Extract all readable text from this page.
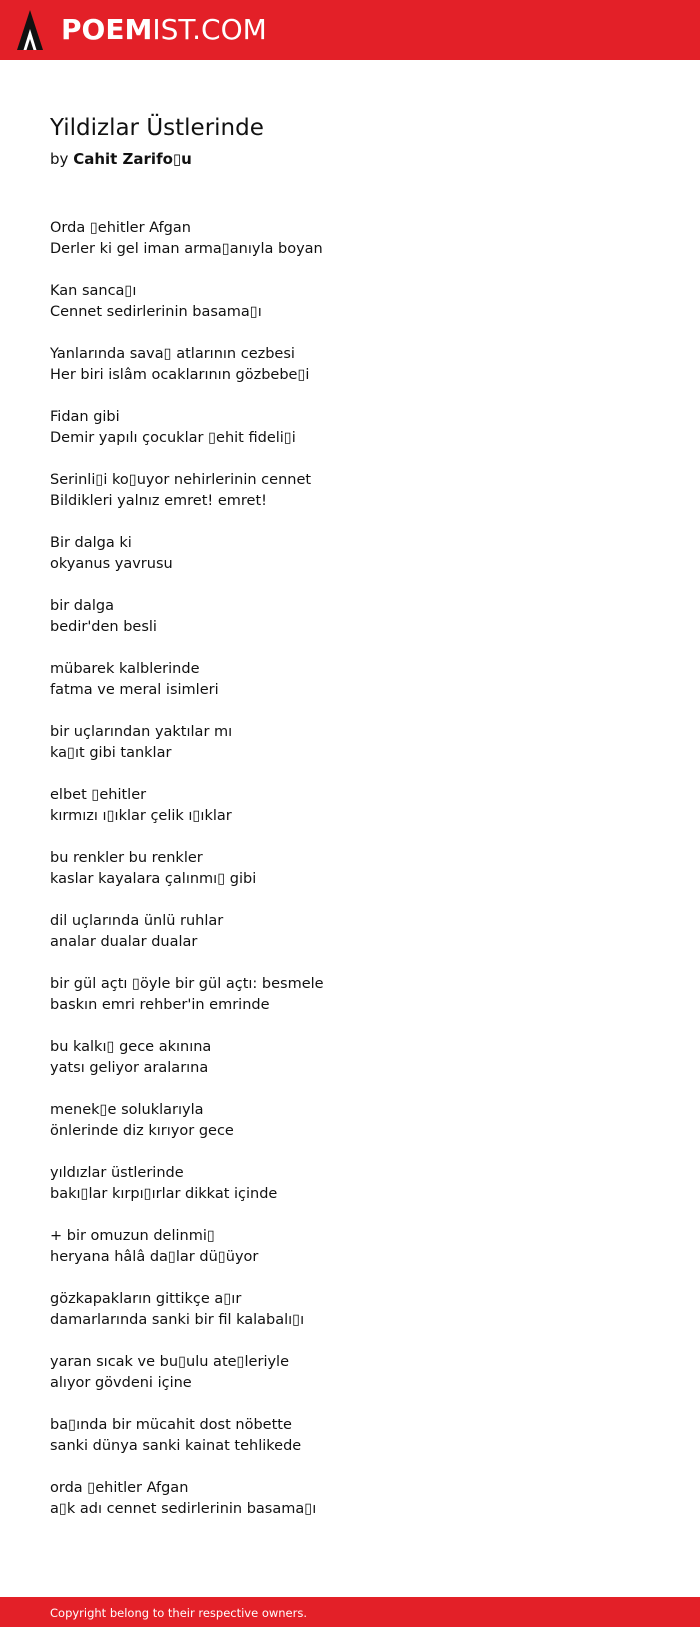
POEMIST.COM
Yildizlar Üstlerinde
by Cahit Zarifo▯u
Orda ▯ehitler Afgan
Derler ki gel iman arma▯anıyla boyan
Kan sanca▯ı
Cennet sedirlerinin basama▯ı
Yanlarında sava▯ atlarının cezbesi
Her biri islâm ocaklarının gözbebe▯i
Fidan gibi
Demir yapılı çocuklar ▯ehit fideli▯i
Serinli▯i ko▯uyor nehirlerinin cennet
Bildikleri yalnız emret! emret!
Bir dalga ki
okyanus yavrusu
bir dalga
bedir'den besli
mübarek kalblerinde
fatma ve meral isimleri
bir uçlarından yaktılar mı
ka▯ıt gibi tanklar
elbet ▯ehitler
kırmızı ı▯ıklar çelik ı▯ıklar
bu renkler bu renkler
kaslar kayalara çalınmı▯ gibi
dil uçlarında ünlü ruhlar
analar dualar dualar
bir gül açtı ▯öyle bir gül açtı: besmele
baskın emri rehber'in emrinde
bu kalkı▯ gece akınına
yatsı geliyor aralarına
menek▯e soluklarıyla
önlerinde diz kırıyor gece
yıldızlar üstlerinde
bakı▯lar kırpı▯ırlar dikkat içinde
+ bir omuzun delinmi▯
heryana hâlâ da▯lar dü▯üyor
gözkapakların gittikçe a▯ır
damarlarında sanki bir fil kalabalı▯ı
yaran sıcak ve bu▯ulu ate▯leriyle
alıyor gövdeni içine
ba▯ında bir mücahit dost nöbette
sanki dünya sanki kainat tehlikede
orda ▯ehitler Afgan
a▯k adı cennet sedirlerinin basama▯ı
Copyright belong to their respective owners.
